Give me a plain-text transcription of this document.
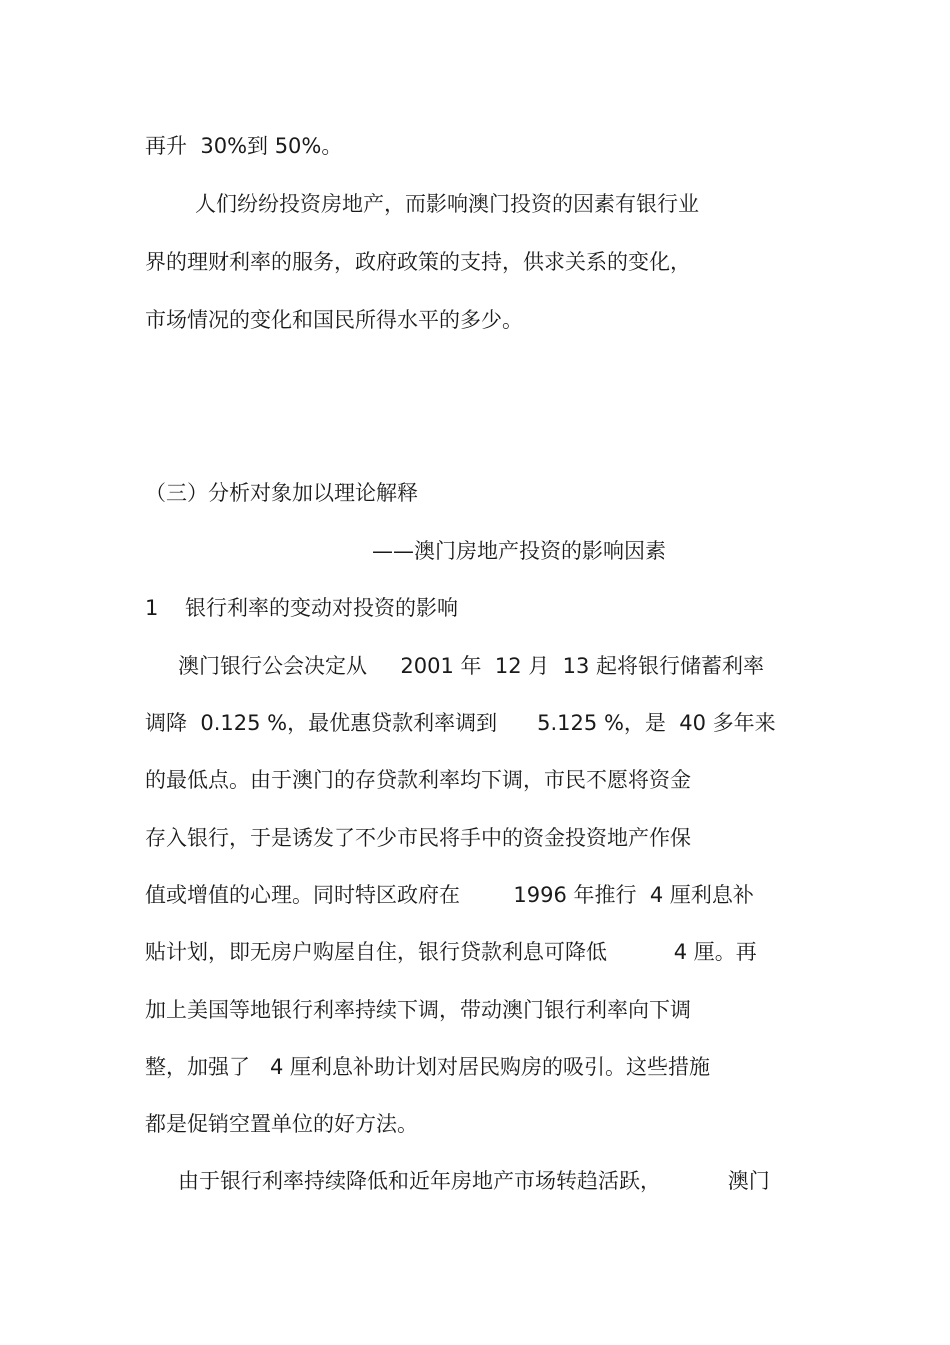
再升  30%到 50%。
人们纷纷投资房地产，而影响澳门投资的因素有银行业
界的理财利率的服务，政府政策的支持，供求关系的变化，
市场情况的变化和国民所得水平的多少。
（三）分析对象加以理论解释
——澳门房地产投资的影响因素
1    银行利率的变动对投资的影响
澳门银行公会决定从     2001 年  12 月  13 起将银行储蓄利率
调降  0.125 %，最优惠贷款利率调到      5.125 %，是  40 多年来
的最低点。由于澳门的存贷款利率均下调，市民不愿将资金
存入银行，于是诱发了不少市民将手中的资金投资地产作保
值或增值的心理。同时特区政府在        1996 年推行  4 厘利息补
贴计划，即无房户购屋自住，银行贷款利息可降低          4 厘。再
加上美国等地银行利率持续下调，带动澳门银行利率向下调
整，加强了   4 厘利息补助计划对居民购房的吸引。这些措施
都是促销空置单位的好方法。
由于银行利率持续降低和近年房地产市场转趋活跃，          澳门
